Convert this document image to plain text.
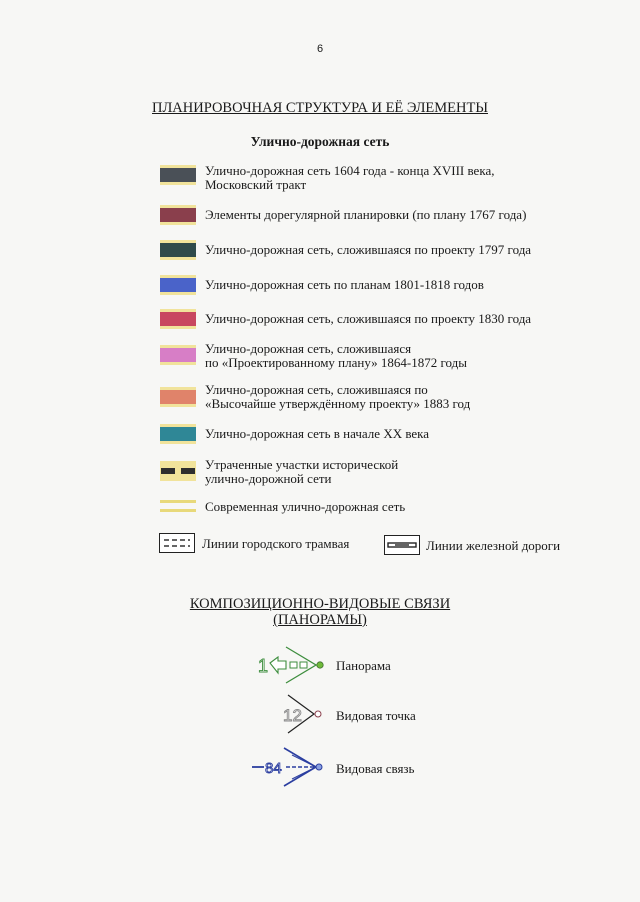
6
ПЛАНИРОВОЧНАЯ СТРУКТУРА И ЕЁ ЭЛЕМЕНТЫ
Улично-дорожная сеть
Улично-дорожная сеть 1604 года - конца XVIII века,
Московский тракт
Элементы дорегулярной планировки (по плану 1767 года)
Улично-дорожная сеть, сложившаяся по проекту 1797 года
Улично-дорожная сеть по планам 1801-1818 годов
Улично-дорожная сеть, сложившаяся по проекту 1830 года
Улично-дорожная сеть, сложившаяся
по «Проектированному плану» 1864-1872 годы
Улично-дорожная сеть, сложившаяся по
«Высочайше утверждённому проекту» 1883 год
Улично-дорожная сеть в начале XX века
Утраченные участки исторической
улично-дорожной сети
Современная улично-дорожная сеть
Линии городского трамвая	Линии железной дороги
КОМПОЗИЦИОННО-ВИДОВЫЕ СВЯЗИ
(ПАНОРАМЫ)
1	Панорама
12	Видовая точка
84	Видовая связь
